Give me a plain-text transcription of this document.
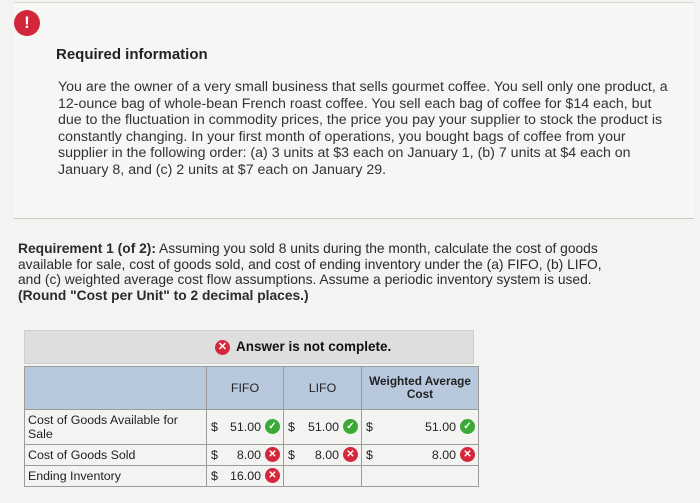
!
Required information
You are the owner of a very small business that sells gourmet coffee. You sell only one product, a 12-ounce bag of whole-bean French roast coffee. You sell each bag of coffee for $14 each, but due to the fluctuation in commodity prices, the price you pay your supplier to stock the product is constantly changing. In your first month of operations, you bought bags of coffee from your supplier in the following order: (a) 3 units at $3 each on January 1, (b) 7 units at $4 each on January 8, and (c) 2 units at $7 each on January 29.
Requirement 1 (of 2): Assuming you sold 8 units during the month, calculate the cost of goods available for sale, cost of goods sold, and cost of ending inventory under the (a) FIFO, (b) LIFO, and (c) weighted average cost flow assumptions. Assume a periodic inventory system is used. (Round "Cost per Unit" to 2 decimal places.)
✕ Answer is not complete.
	FIFO	LIFO	Weighted Average Cost
Cost of Goods Available for Sale	$ 51.00 ✓	$ 51.00 ✓	$ 51.00 ✓

Cost of Goods Sold	$ 8.00 ✕	$ 8.00 ✕	$ 8.00 ✕

Ending Inventory	$ 16.00 ✕		
